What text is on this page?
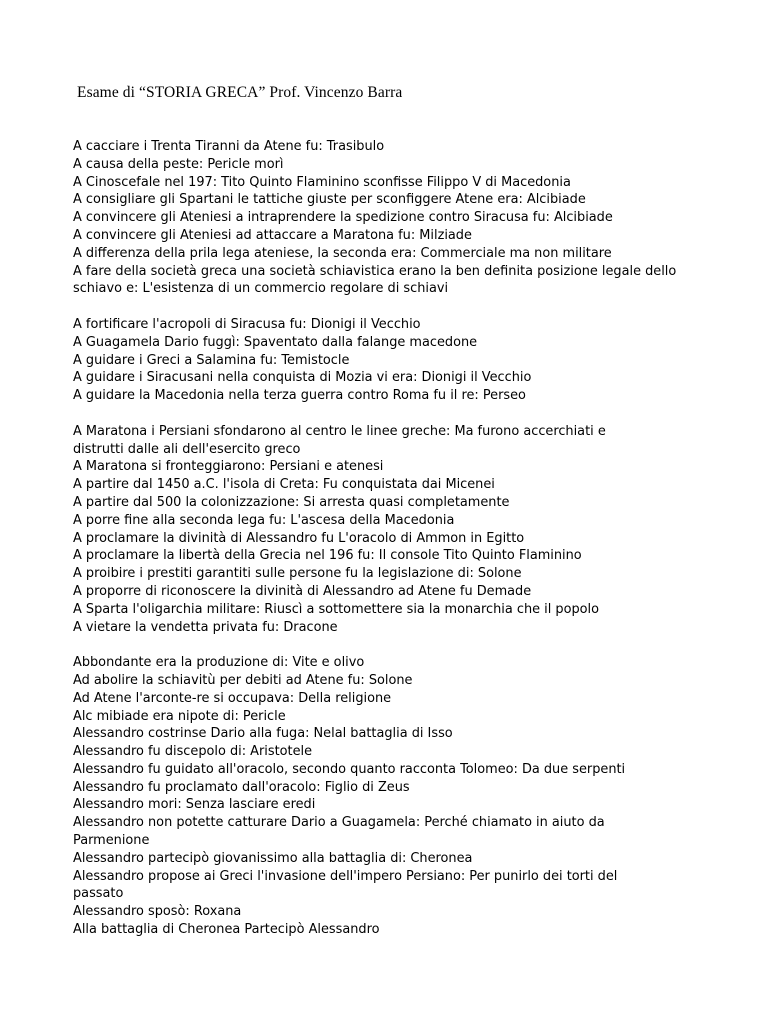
Esame di “STORIA GRECA” Prof. Vincenzo Barra

A cacciare i Trenta Tiranni da Atene fu: Trasibulo
A causa della peste: Pericle morì
A Cinoscefale nel 197: Tito Quinto Flaminino sconfisse Filippo V di Macedonia
A consigliare gli Spartani le tattiche giuste per sconfiggere Atene era: Alcibiade
A convincere gli Ateniesi a intraprendere la spedizione contro Siracusa fu: Alcibiade
A convincere gli Ateniesi ad attaccare a Maratona fu: Milziade
A differenza della prila lega ateniese, la seconda era: Commerciale ma non militare
A fare della società greca una società schiavistica erano la ben definita posizione legale dello
schiavo e: L'esistenza di un commercio regolare di schiavi

A fortificare l'acropoli di Siracusa fu: Dionigi il Vecchio
A Guagamela Dario fuggì: Spaventato dalla falange macedone
A guidare i Greci a Salamina fu: Temistocle
A guidare i Siracusani nella conquista di Mozia vi era: Dionigi il Vecchio
A guidare la Macedonia nella terza guerra contro Roma fu il re: Perseo

A Maratona i Persiani sfondarono al centro le linee greche: Ma furono accerchiati e
distrutti dalle ali dell'esercito greco
A Maratona si fronteggiarono: Persiani e atenesi
A partire dal 1450 a.C. l'isola di Creta: Fu conquistata dai Micenei
A partire dal 500 la colonizzazione: Si arresta quasi completamente
A porre fine alla seconda lega fu: L'ascesa della Macedonia
A proclamare la divinità di Alessandro fu L'oracolo di Ammon in Egitto
A proclamare la libertà della Grecia nel 196 fu: Il console Tito Quinto Flaminino
A proibire i prestiti garantiti sulle persone fu la legislazione di: Solone
A proporre di riconoscere la divinità di Alessandro ad Atene fu Demade
A Sparta l'oligarchia militare: Riuscì a sottomettere sia la monarchia che il popolo
A vietare la vendetta privata fu: Dracone

Abbondante era la produzione di: Vite e olivo
Ad abolire la schiavitù per debiti ad Atene fu: Solone
Ad Atene l'arconte-re si occupava: Della religione
Alc mibiade era nipote di: Pericle
Alessandro costrinse Dario alla fuga: Nelal battaglia di Isso
Alessandro fu discepolo di: Aristotele
Alessandro fu guidato all'oracolo, secondo quanto racconta Tolomeo: Da due serpenti
Alessandro fu proclamato dall'oracolo: Figlio di Zeus
Alessandro mori: Senza lasciare eredi
Alessandro non potette catturare Dario a Guagamela: Perché chiamato in aiuto da
Parmenione
Alessandro partecipò giovanissimo alla battaglia di: Cheronea
Alessandro propose ai Greci l'invasione dell'impero Persiano: Per punirlo dei torti del
passato
Alessandro sposò: Roxana
Alla battaglia di Cheronea Partecipò Alessandro
